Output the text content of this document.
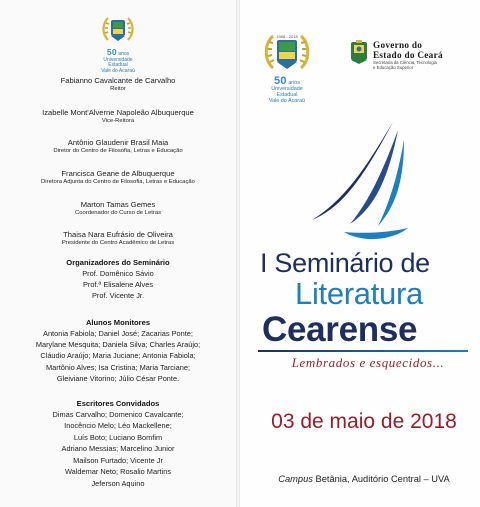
50 anos
Universidade Estadual
Vale do Acaraú
Fabianno Cavalcante de Carvalho
Reitor
Izabelle Mont'Alverne Napoleão Albuquerque
Vice-Reitora
Antônio Glaudenir Brasil Maia
Diretor do Centro de Filosofia, Letras e Educação
Francisca Geane de Albuquerque
Diretora Adjunta do Centro de Filosofia, Letras e Educação
Marton Tamas Gemes
Coordenador do Curso de Letras
Thaisa Nara Eufrásio de Oliveira
Presidente do Centro Acadêmico de Letras
Organizadores do Seminário
Prof. Domênico Sávio
Prof.ª Elisalene Alves
Prof. Vicente Jr.
Alunos Monitores
Antonia Fabiola; Daniel José; Zacarias Ponte;
Marylane Mesquita; Daniela Silva; Charles Araújo;
Cláudio Araújo; Maria Juciane; Antonia Fabiola;
Martônio Alves; Isa Cristina; Maria Tarciane;
Gleiviane Vitorino; Júlio César Ponte.
Escritores Convidados
Dimas Carvalho; Domenico Cavalcante;
Inocêncio Melo; Léo Mackellene;
Luís Boto; Luciano Bomfim
Adriano Messias; Marcelino Junior
Mailson Furtado; Vicente Jr
Waldemar Neto; Rosalio Martins
Jeferson Aquino
1968 - 2018
50 anos
Universidade Estadual
Vale do Acaraú
Governo do
Estado do Ceará
Secretaria da Ciência, Tecnologia
e Educação Superior
I Seminário de
Literatura
Cearense
Lembrados e esquecidos...
03 de maio de 2018
Campus Betânia, Auditório Central – UVA
